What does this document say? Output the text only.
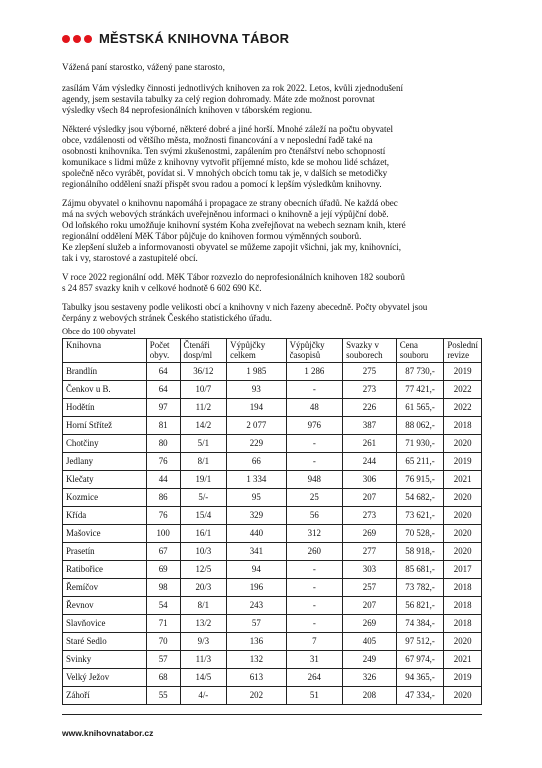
MĚSTSKÁ KNIHOVNA TÁBOR

Vážená paní starostko, vážený pane starosto,

zasílám Vám výsledky činnosti jednotlivých knihoven za rok 2022. Letos, kvůli zjednodušení
agendy, jsem sestavila tabulky za celý region dohromady. Máte zde možnost porovnat
výsledky všech 84 neprofesionálních knihoven v táborském regionu.

Některé výsledky jsou výborné, některé dobré a jiné horší. Mnohé záleží na počtu obyvatel
obce, vzdálenosti od většího města, možnosti financování a v neposlední řadě také na
osobnosti knihovníka. Ten svými zkušenostmi, zapálením pro čtenářství nebo schopností
komunikace s lidmi může z knihovny vytvořit příjemné místo, kde se mohou lidé scházet,
společně něco vyrábět, povídat si. V mnohých obcích tomu tak je, v dalších se metodičky
regionálního oddělení snaží přispět svou radou a pomocí k lepším výsledkům knihovny.

Zájmu obyvatel o knihovnu napomáhá i propagace ze strany obecních úřadů. Ne každá obec
má na svých webových stránkách uveřejněnou informaci o knihovně a její výpůjční době.
Od loňského roku umožňuje knihovní systém Koha zveřejňovat na webech seznam knih, které
regionální oddělení MěK Tábor půjčuje do knihoven formou výměnných souborů.
Ke zlepšení služeb a informovanosti obyvatel se můžeme zapojit všichni, jak my, knihovníci,
tak i vy, starostové a zastupitelé obcí.

V roce 2022 regionální odd. MěK Tábor rozvezlo do neprofesionálních knihoven 182 souborů
s 24 857 svazky knih v celkové hodnotě 6 602 690 Kč.

Tabulky jsou sestaveny podle velikosti obcí a knihovny v nich řazeny abecedně. Počty obyvatel jsou
čerpány z webových stránek Českého statistického úřadu.

Obce do 100 obyvatel
Knihovna	Počet obyv.	Čtenáři dosp/ml	Výpůjčky celkem	Výpůjčky časopisů	Svazky v souborech	Cena souboru	Poslední revize
Brandlín	64	36/12	1 985	1 286	275	87 730,-	2019
Čenkov u B.	64	10/7	93	-	273	77 421,-	2022
Hodětín	97	11/2	194	48	226	61 565,-	2022
Horní Střítež	81	14/2	2 077	976	387	88 062,-	2018
Chotčiny	80	5/1	229	-	261	71 930,-	2020
Jedlany	76	8/1	66	-	244	65 211,-	2019
Klečaty	44	19/1	1 334	948	306	76 915,-	2021
Kozmice	86	5/-	95	25	207	54 682,-	2020
Křída	76	15/4	329	56	273	73 621,-	2020
Mašovice	100	16/1	440	312	269	70 528,-	2020
Prasetín	67	10/3	341	260	277	58 918,-	2020
Ratibořice	69	12/5	94	-	303	85 681,-	2017
Řemíčov	98	20/3	196	-	257	73 782,-	2018
Řevnov	54	8/1	243	-	207	56 821,-	2018
Slavňovice	71	13/2	57	-	269	74 384,-	2018
Staré Sedlo	70	9/3	136	7	405	97 512,-	2020
Svinky	57	11/3	132	31	249	67 974,-	2021
Velký Ježov	68	14/5	613	264	326	94 365,-	2019
Záhoří	55	4/-	202	51	208	47 334,-	2020
www.knihovnatabor.cz
